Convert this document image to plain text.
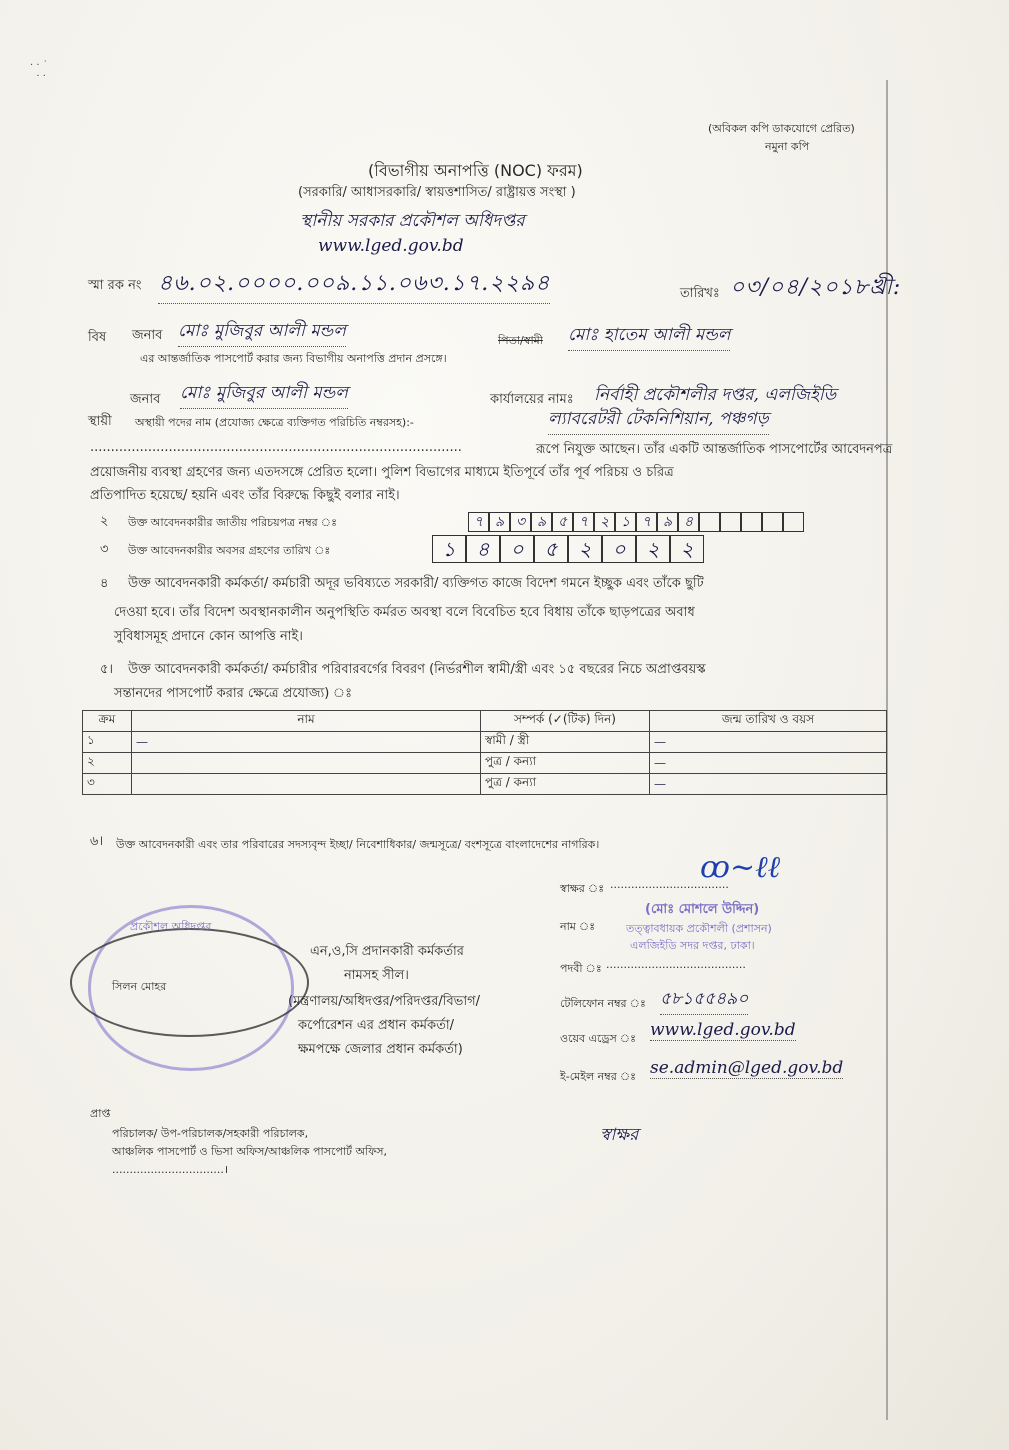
· · ˙
· ·
(অবিকল কপি ডাকযোগে প্রেরিত)
নমুনা কপি
(বিভাগীয় অনাপত্তি (NOC) ফরম)
(সরকারি/ আধাসরকারি/ স্বায়ত্তশাসিত/ রাষ্ট্রায়ত্ত সংস্থা )
স্থানীয় সরকার প্রকৌশল অধিদপ্তর
www.lged.gov.bd
স্মা রক নং ৪৬.০২.০০০০.০০৯.১১.০৬৩.১৭.২২৯৪	তারিখঃ ০৩/০৪/২০১৮খ্রী:
বিষ জনাব মোঃ মুজিবুর আলী মন্ডল	পিতা/স্বামী মোঃ হাতেম আলী মন্ডল
এর আন্তর্জাতিক পাসপোর্ট করার জন্য বিভাগীয় অনাপত্তি প্রদান প্রসঙ্গে।
জনাব মোঃ মুজিবুর আলী মন্ডল	কার্যালয়ের নামঃ নির্বাহী প্রকৌশলীর দপ্তর, এলজিইডি
স্থায়ী অস্থায়ী পদের নাম (প্রযোজ্য ক্ষেত্রে ব্যক্তিগত পরিচিতি নম্বরসহ):-	ল্যাবরেটরী টেকনিশিয়ান, পঞ্চগড়
..........................................................................................	রূপে নিযুক্ত আছেন। তাঁর একটি আন্তর্জাতিক পাসপোর্টের আবেদনপত্র
প্রয়োজনীয় ব্যবস্থা গ্রহণের জন্য এতদসঙ্গে প্রেরিত হলো। পুলিশ বিভাগের মাধ্যমে ইতিপূর্বে তাঁর পূর্ব পরিচয় ও চরিত্র
প্রতিপাদিত হয়েছে/ হয়নি এবং তাঁর বিরুদ্ধে কিছুই বলার নাই।
২ উক্ত আবেদনকারীর জাতীয় পরিচয়পত্র নম্বর ঃ	৭ ৯ ৩ ৯ ৫ ৭ ২ ১ ৭ ৯ ৪
৩ উক্ত আবেদনকারীর অবসর গ্রহণের তারিখ ঃ	১	৪	০	৫	২	০	২	২
৪ উক্ত আবেদনকারী কর্মকর্তা/ কর্মচারী অদূর ভবিষ্যতে সরকারী/ ব্যক্তিগত কাজে বিদেশ গমনে ইচ্ছুক এবং তাঁকে ছুটি
দেওয়া হবে। তাঁর বিদেশ অবস্থানকালীন অনুপস্থিতি কর্মরত অবস্থা বলে বিবেচিত হবে বিধায় তাঁকে ছাড়পত্রের অবাধ
সুবিধাসমূহ প্রদানে কোন আপত্তি নাই।
৫। উক্ত আবেদনকারী কর্মকর্তা/ কর্মচারীর পরিবারবর্গের বিবরণ (নির্ভরশীল স্বামী/স্ত্রী এবং ১৫ বছরের নিচে অপ্রাপ্তবয়স্ক
সন্তানদের পাসপোর্ট করার ক্ষেত্রে প্রযোজ্য) ঃ
ক্রম	নাম	সম্পর্ক (✓(টিক) দিন)	জন্ম তারিখ ও বয়স
১	—	স্বামী / স্ত্রী	—
২		পুত্র / কন্যা	—
৩		পুত্র / কন্যা	—
৬। উক্ত আবেদনকারী এবং তার পরিবারের সদস্যবৃন্দ ইচ্ছা/ নিবেশাধিকার/ জন্মসূত্রে/ বংশসূত্রে বাংলাদেশের নাগরিক।
স্বাক্ষর ঃ ..................................
ꝏ~ℓℓ
নাম ঃ
(মোঃ মোশলে উদ্দিন)
তত্ত্বাবধায়ক প্রকৌশলী (প্রশাসন)
এলজিইডি সদর দপ্তর, ঢাকা।
পদবী ঃ ........................................
টেলিফোন নম্বর ঃ ৫৮১৫৫৪৯০
ওয়েব এড্রেস ঃ www.lged.gov.bd
ই-মেইল নম্বর ঃ se.admin@lged.gov.bd
প্রকৌশল অধিদপ্তর
সিলন মোহর
এন,ও,সি প্রদানকারী কর্মকর্তার
নামসহ সীল।
(মন্ত্রণালয়/অধিদপ্তর/পরিদপ্তর/বিভাগ/
কর্পোরেশন এর প্রধান কর্মকর্তা/
ক্ষমপক্ষে জেলার প্রধান কর্মকর্তা)
প্রাপ্ত
পরিচালক/ উপ-পরিচালক/সহকারী পরিচালক,
আঞ্চলিক পাসপোর্ট ও ভিসা অফিস/আঞ্চলিক পাসপোর্ট অফিস,
................................।
স্বাক্ষর
